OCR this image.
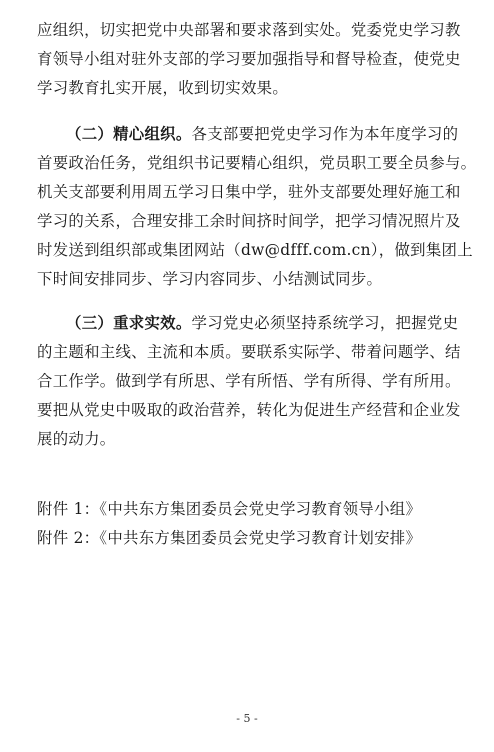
应组织，切实把党中央部署和要求落到实处。党委党史学习教
育领导小组对驻外支部的学习要加强指导和督导检查，使党史
学习教育扎实开展，收到切实效果。
（二）精心组织。各支部要把党史学习作为本年度学习的
首要政治任务，党组织书记要精心组织，党员职工要全员参与。
机关支部要利用周五学习日集中学，驻外支部要处理好施工和
学习的关系，合理安排工余时间挤时间学，把学习情况照片及
时发送到组织部或集团网站（dw@dfff.com.cn），做到集团上
下时间安排同步、学习内容同步、小结测试同步。
（三）重求实效。学习党史必须坚持系统学习，把握党史
的主题和主线、主流和本质。要联系实际学、带着问题学、结
合工作学。做到学有所思、学有所悟、学有所得、学有所用。
要把从党史中吸取的政治营养，转化为促进生产经营和企业发
展的动力。
附件 1：《中共东方集团委员会党史学习教育领导小组》
附件 2：《中共东方集团委员会党史学习教育计划安排》
- 5 -
